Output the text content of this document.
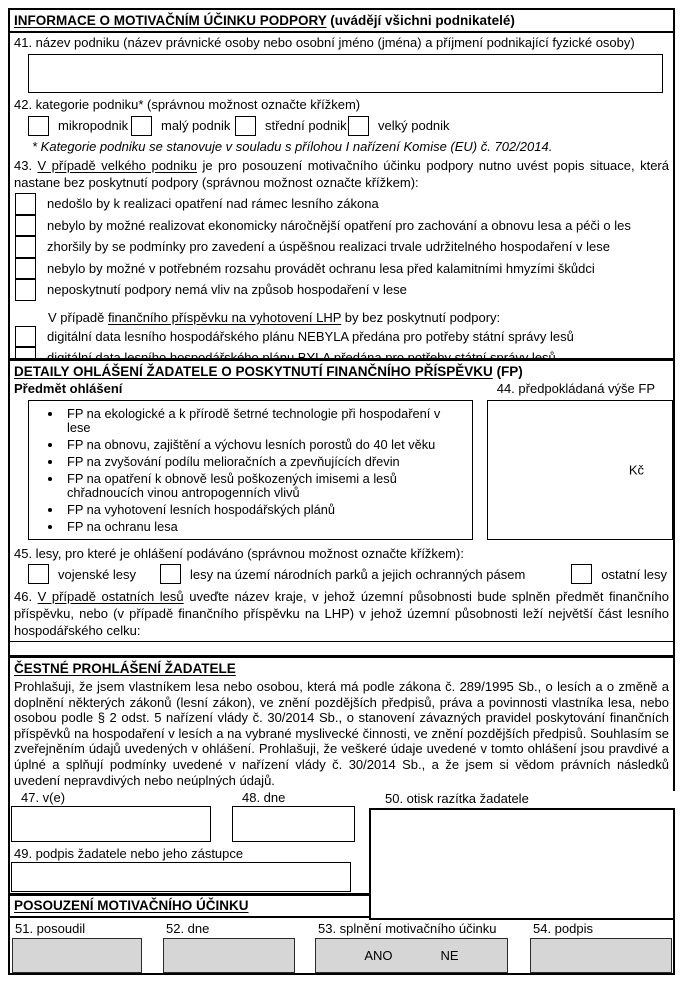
INFORMACE O MOTIVAČNÍM ÚČINKU PODPORY (uvádějí všichni podnikatelé)
41. název podniku (název právnické osoby nebo osobní jméno (jména) a příjmení podnikající fyzické osoby)
42. kategorie podniku* (správnou možnost označte křížkem)
mikropodnik	malý podnik	střední podnik velký podnik
* Kategorie podniku se stanovuje v souladu s přílohou I nařízení Komise (EU) č. 702/2014.
43. V případě velkého podniku je pro posouzení motivačního účinku podpory nutno uvést popis situace, která nastane bez poskytnutí podpory (správnou možnost označte křížkem):
nedošlo by k realizaci opatření nad rámec lesního zákona
nebylo by možné realizovat ekonomicky náročnější opatření pro zachování a obnovu lesa a péči o les
zhoršily by se podmínky pro zavedení a úspěšnou realizaci trvale udržitelného hospodaření v lese
nebylo by možné v potřebném rozsahu provádět ochranu lesa před kalamitními hmyzími škůdci
neposkytnutí podpory nemá vliv na způsob hospodaření v lese
V případě finančního příspěvku na vyhotovení LHP by bez poskytnutí podpory:
digitální data lesního hospodářského plánu NEBYLA předána pro potřeby státní správy lesů
DETAILY OHLÁŠENÍ ŽADATELE O POSKYTNUTÍ FINANČNÍHO PŘÍSPĚVKU (FP)
Předmět ohlášení	44. předpokládaná výše FP
• FP na ekologické a k přírodě šetrné technologie při hospodaření v lese
• FP na obnovu, zajištění a výchovu lesních porostů do 40 let věku
• FP na zvyšování podílu melioračních a zpevňujících dřevin
• FP na opatření k obnově lesů poškozených imisemi a lesů chřadnoucích vinou antropogenních vlivů
• FP na vyhotovení lesních hospodářských plánů
• FP na ochranu lesa
Kč
45. lesy, pro které je ohlášení podáváno (správnou možnost označte křížkem):
vojenské lesy	lesy na území národních parků a jejich ochranných pásem	ostatní lesy
46. V případě ostatních lesů uveďte název kraje, v jehož územní působnosti bude splněn předmět finančního příspěvku, nebo (v případě finančního příspěvku na LHP) v jehož územní působnosti leží největší část lesního hospodářského celku:
ČESTNÉ PROHLÁŠENÍ ŽADATELE
Prohlašuji, že jsem vlastníkem lesa nebo osobou, která má podle zákona č. 289/1995 Sb., o lesích a o změně a doplnění některých zákonů (lesní zákon), ve znění pozdějších předpisů, práva a povinnosti vlastníka lesa, nebo osobou podle § 2 odst. 5 nařízení vlády č. 30/2014 Sb., o stanovení závazných pravidel poskytování finančních příspěvků na hospodaření v lesích a na vybrané myslivecké činnosti, ve znění pozdějších předpisů. Souhlasím se zveřejněním údajů uvedených v ohlášení. Prohlašuji, že veškeré údaje uvedené v tomto ohlášení jsou pravdivé a úplné a splňují podmínky uvedené v nařízení vlády č. 30/2014 Sb., a že jsem si vědom právních následků uvedení nepravdivých nebo neúplných údajů.
47. v(e)	48. dne
49. podpis žadatele nebo jeho zástupce
50. otisk razítka žadatele
POSOUZENÍ MOTIVAČNÍHO ÚČINKU
51. posoudil	52. dne	53. splnění motivačního účinku
ANO	NE
54. podpis
